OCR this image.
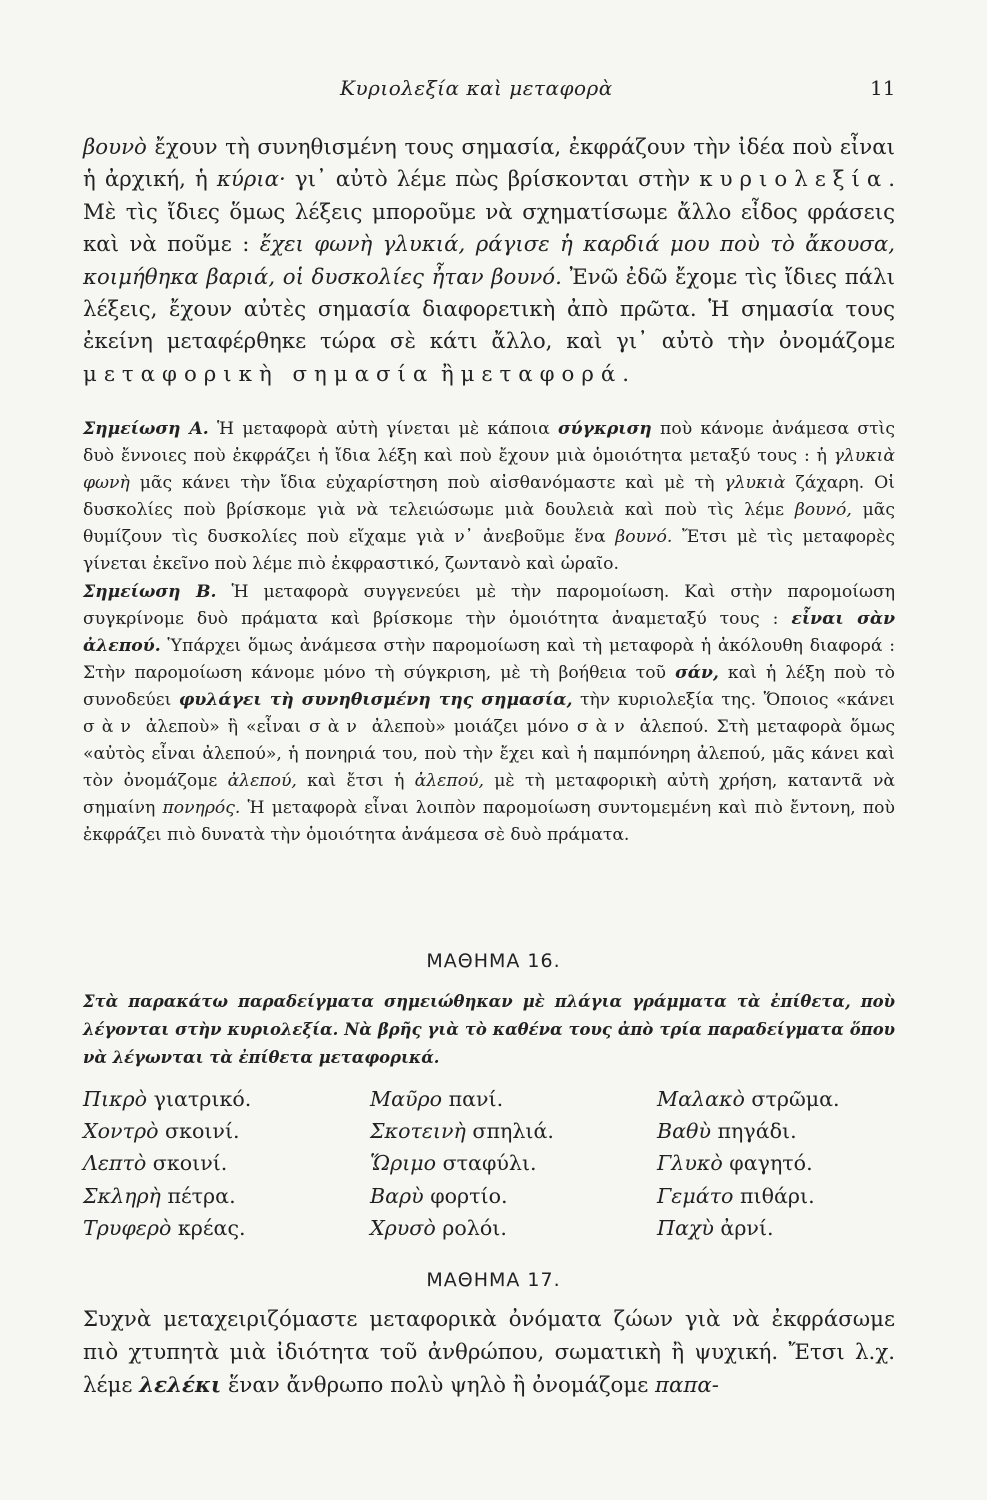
Κυριολεξία καὶ μεταφορὰ	11
βουνὸ ἔχουν τὴ συνηθισμένη τους σημασία, ἐκφράζουν τὴν ἰδέα ποὺ εἶναι ἡ ἀρχική, ἡ κύρια· γι᾽ αὐτὸ λέμε πὼς βρίσκονται στὴν κυριολεξία. Μὲ τὶς ἴδιες ὅμως λέξεις μποροῦμε νὰ σχηματίσωμε ἄλλο εἶδος φράσεις καὶ νὰ ποῦμε : ἔχει φωνὴ γλυκιά, ράγισε ἡ καρδιά μου ποὺ τὸ ἄκουσα, κοιμήθηκα βαριά, οἱ δυσκολίες ἦταν βουνό. Ἐνῶ ἐδῶ ἔχομε τὶς ἴδιες πάλι λέξεις, ἔχουν αὐτὲς σημασία διαφορετικὴ ἀπὸ πρῶτα. Ἡ σημασία τους ἐκείνη μεταφέρθηκε τώρα σὲ κάτι ἄλλο, καὶ γι᾽ αὐτὸ τὴν ὀνομάζομε μεταφορικὴ σημασία ἢ μεταφορά.

Σημείωση Α. Ἡ μεταφορὰ αὐτὴ γίνεται μὲ κάποια σύγκριση ποὺ κάνομε ἀνάμεσα στὶς δυὸ ἔννοιες ποὺ ἐκφράζει ἡ ἴδια λέξη καὶ ποὺ ἔχουν μιὰ ὁμοιότητα μεταξύ τους : ἡ γλυκιὰ φωνὴ μᾶς κάνει τὴν ἴδια εὐχαρίστηση ποὺ αἰσθανόμαστε καὶ μὲ τὴ γλυκιὰ ζάχαρη. Οἱ δυσκολίες ποὺ βρίσκομε γιὰ νὰ τελειώσωμε μιὰ δουλειὰ καὶ ποὺ τὶς λέμε βουνό, μᾶς θυμίζουν τὶς δυσκολίες ποὺ εἴχαμε γιὰ ν᾽ ἀνεβοῦμε ἕνα βουνό. Ἔτσι μὲ τὶς μεταφορὲς γίνεται ἐκεῖνο ποὺ λέμε πιὸ ἐκφραστικό, ζωντανὸ καὶ ὡραῖο.

Σημείωση Β. Ἡ μεταφορὰ συγγενεύει μὲ τὴν παρομοίωση. Καὶ στὴν παρομοίωση συγκρίνομε δυὸ πράματα καὶ βρίσκομε τὴν ὁμοιότητα ἀναμεταξύ τους : εἶναι σὰν ἀλεπού. Ὑπάρχει ὅμως ἀνάμεσα στὴν παρομοίωση καὶ τὴ μεταφορὰ ἡ ἀκόλουθη διαφορά : Στὴν παρομοίωση κάνομε μόνο τὴ σύγκριση, μὲ τὴ βοήθεια τοῦ σάν, καὶ ἡ λέξη ποὺ τὸ συνοδεύει φυλάγει τὴ συνηθισμένη της σημασία, τὴν κυριολεξία της. Ὅποιος «κάνει σὰν ἀλεποὺ» ἢ «εἶναι σὰν ἀλεποὺ» μοιάζει μόνο σὰν ἀλεπού. Στὴ μεταφορὰ ὅμως «αὐτὸς εἶναι ἀλεπού», ἡ πονηριά του, ποὺ τὴν ἔχει καὶ ἡ παμπόνηρη ἀλεπού, μᾶς κάνει καὶ τὸν ὀνομάζομε ἀλεπού, καὶ ἔτσι ἡ ἀλεπού, μὲ τὴ μεταφορικὴ αὐτὴ χρήση, καταντᾶ νὰ σημαίνη πονηρός. Ἡ μεταφορὰ εἶναι λοιπὸν παρομοίωση συντομεμένη καὶ πιὸ ἔντονη, ποὺ ἐκφράζει πιὸ δυνατὰ τὴν ὁμοιότητα ἀνάμεσα σὲ δυὸ πράματα.

ΜΑΘΗΜΑ 16.
Στὰ παρακάτω παραδείγματα σημειώθηκαν μὲ πλάγια γράμματα τὰ ἐπίθετα, ποὺ λέγονται στὴν κυριολεξία. Νὰ βρῆς γιὰ τὸ καθένα τους ἀπὸ τρία παραδείγματα ὅπου νὰ λέγωνται τὰ ἐπίθετα μεταφορικά.
Πικρὸ γιατρικό.
Χοντρὸ σκοινί.
Λεπτὸ σκοινί.
Σκληρὴ πέτρα.
Τρυφερὸ κρέας.
Μαῦρο πανί.
Σκοτεινὴ σπηλιά.
Ὥριμο σταφύλι.
Βαρὺ φορτίο.
Χρυσὸ ρολόι.
Μαλακὸ στρῶμα.
Βαθὺ πηγάδι.
Γλυκὸ φαγητό.
Γεμάτο πιθάρι.
Παχὺ ἀρνί.
ΜΑΘΗΜΑ 17.
Συχνὰ μεταχειριζόμαστε μεταφορικὰ ὀνόματα ζώων γιὰ νὰ ἐκφράσωμε πιὸ χτυπητὰ μιὰ ἰδιότητα τοῦ ἀνθρώπου, σωματικὴ ἢ ψυχική. Ἔτσι λ.χ. λέμε λελέκι ἕναν ἄνθρωπο πολὺ ψηλὸ ἢ ὀνομάζομε παπα-
